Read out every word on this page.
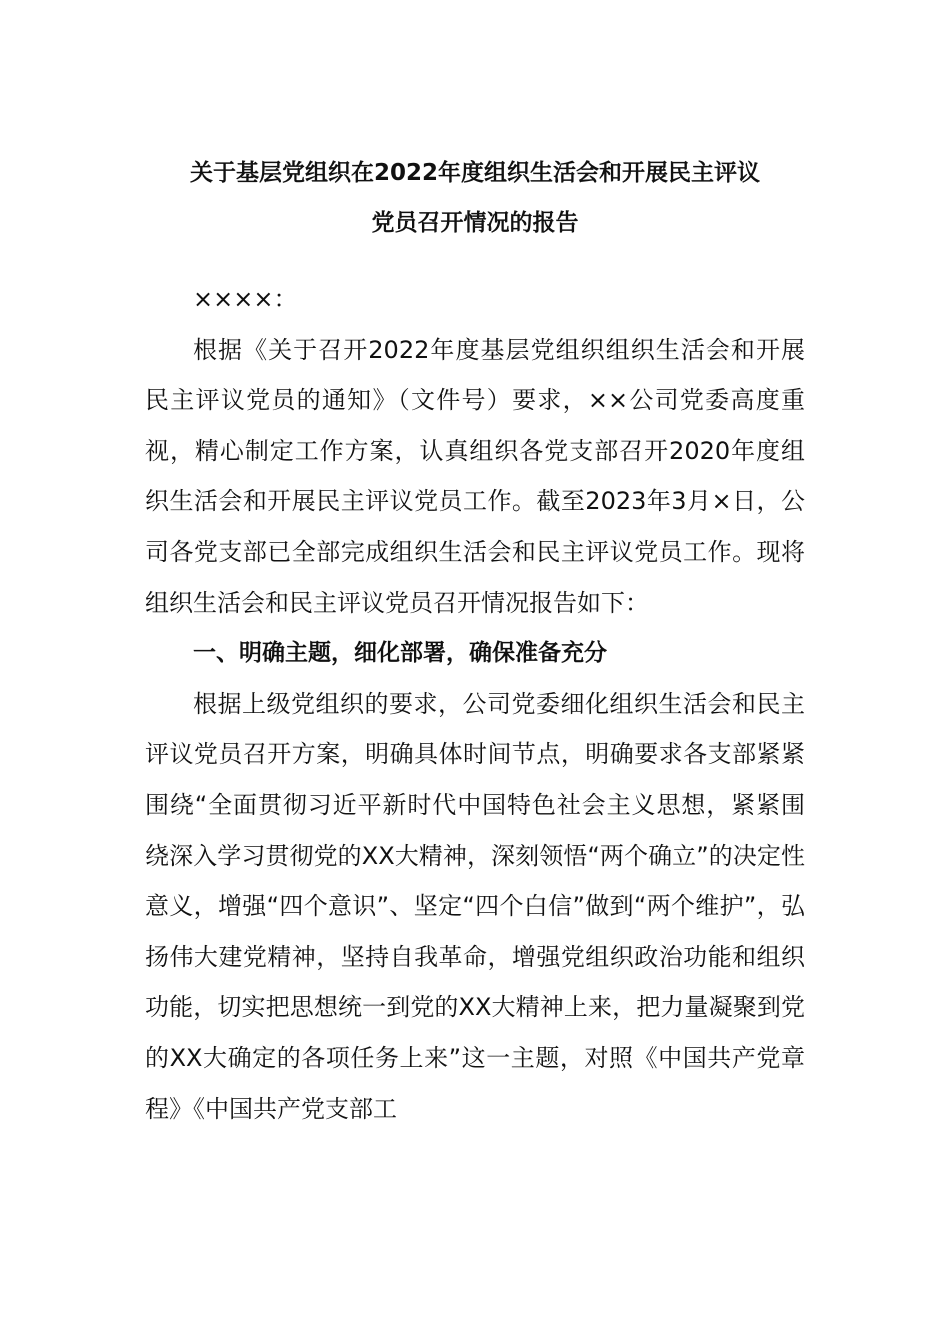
关于基层党组织在2022年度组织生活会和开展民主评议
党员召开情况的报告

××××：

根据《关于召开2022年度基层党组织组织生活会和开展民主评议党员的通知》（文件号）要求，××公司党委高度重视，精心制定工作方案，认真组织各党支部召开2020年度组织生活会和开展民主评议党员工作。截至2023年3月×日，公司各党支部已全部完成组织生活会和民主评议党员工作。现将组织生活会和民主评议党员召开情况报告如下：

一、明确主题，细化部署，确保准备充分

根据上级党组织的要求，公司党委细化组织生活会和民主评议党员召开方案，明确具体时间节点，明确要求各支部紧紧围绕“全面贯彻习近平新时代中国特色社会主义思想，紧紧围绕深入学习贯彻党的XX大精神，深刻领悟“两个确立”的决定性意义，增强“四个意识”、坚定“四个白信”做到“两个维护”，弘扬伟大建党精神，坚持自我革命，增强党组织政治功能和组织功能，切实把思想统一到党的XX大精神上来，把力量凝聚到党的XX大确定的各项任务上来”这一主题，对照《中国共产党章程》《中国共产党支部工
